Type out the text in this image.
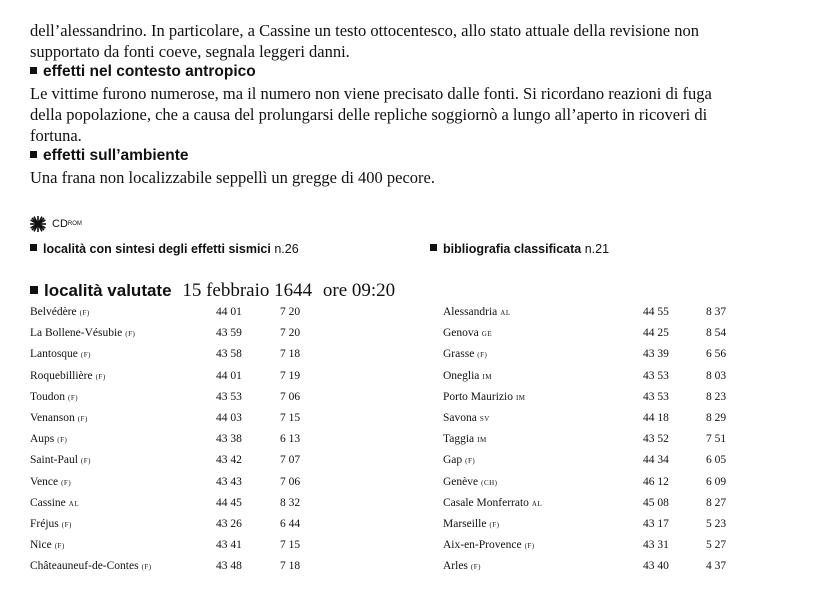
dell’alessandrino. In particolare, a Cassine un testo ottocentesco, allo stato attuale della revisione non
supportato da fonti coeve, segnala leggeri danni.
effetti nel contesto antropico
Le vittime furono numerose, ma il numero non viene precisato dalle fonti. Si ricordano reazioni di fuga
della popolazione, che a causa del prolungarsi delle repliche soggiornò a lungo all’aperto in ricoveri di
fortuna.
effetti sull’ambiente
Una frana non localizzabile seppellì un gregge di 400 pecore.
CD ROM
località con sintesi degli effetti sismici n.26	bibliografia classificata n.21
località valutate 15 febbraio 1644 ore 09:20
Belvédère (F)	44 01	7 20
La Bollene-Vésubie (F)	43 59	7 20
Lantosque (F)	43 58	7 18
Roquebillière (F)	44 01	7 19
Toudon (F)	43 53	7 06
Venanson (F)	44 03	7 15
Aups (F)	43 38	6 13
Saint-Paul (F)	43 42	7 07
Vence (F)	43 43	7 06
Cassine AL	44 45	8 32
Fréjus (F)	43 26	6 44
Nice (F)	43 41	7 15
Châteauneuf-de-Contes (F)	43 48	7 18
Alessandria AL	44 55	8 37
Genova GE	44 25	8 54
Grasse (F)	43 39	6 56
Oneglia IM	43 53	8 03
Porto Maurizio IM	43 53	8 23
Savona SV	44 18	8 29
Taggia IM	43 52	7 51
Gap (F)	44 34	6 05
Genève (CH)	46 12	6 09
Casale Monferrato AL	45 08	8 27
Marseille (F)	43 17	5 23
Aix-en-Provence (F)	43 31	5 27
Arles (F)	43 40	4 37
